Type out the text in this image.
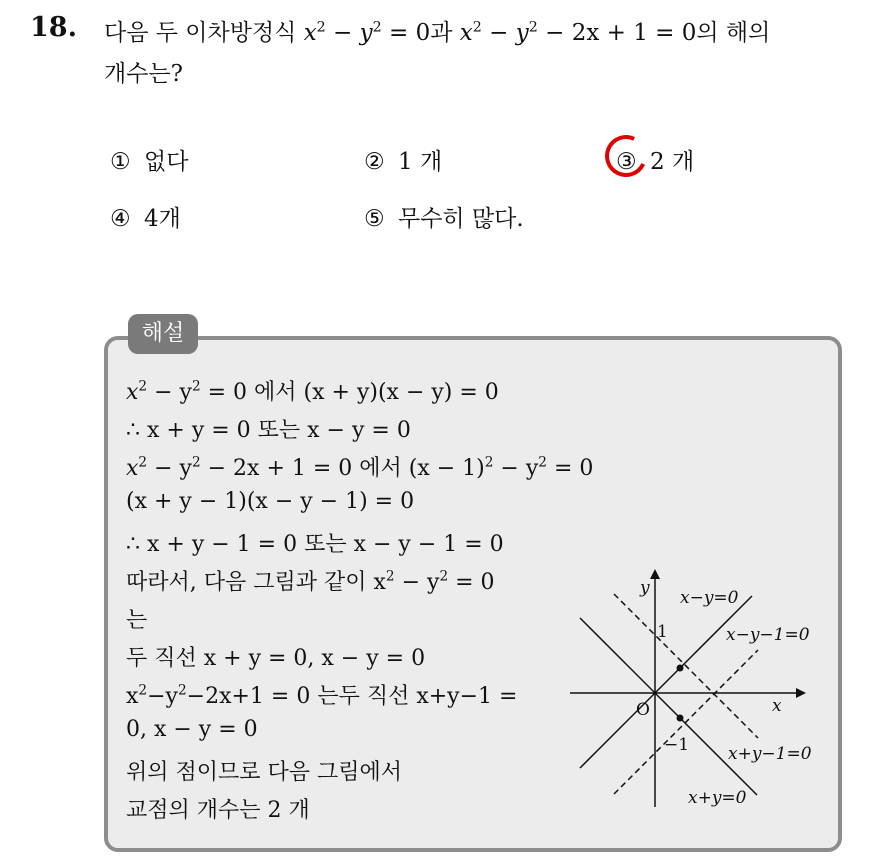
18. 다음 두 이차방정식 $x^2 - y^2 = 0$과 $x^2 - y^2 - 2x + 1 = 0$의 해의
개수는?
① 없다	② 1 개	③ 2 개
④ 4개	⑤ 무수히 많다.
해설
$x^2 - y^2 = 0$ 에서 (x + y)(x − y) = 0
∴ x + y = 0 또는 x − y = 0
$x^2 - y^2 - 2x + 1 = 0$ 에서 $(x - 1)^2 - y^2 = 0$
(x + y − 1)(x − y − 1) = 0
∴ x + y − 1 = 0 또는 x − y − 1 = 0
따라서, 다음 그림과 같이 $x^2 - y^2 = 0$
는
두 직선 x + y = 0, x − y = 0
$x^2-y^2-2x+1 = 0$ 는두 직선 x+y−1 =
0, x − y = 0
위의 점이므로 다음 그림에서
교점의 개수는 2 개
y
x
O
1
−1
x−y=0
x−y−1=0
x+y−1=0
x+y=0
